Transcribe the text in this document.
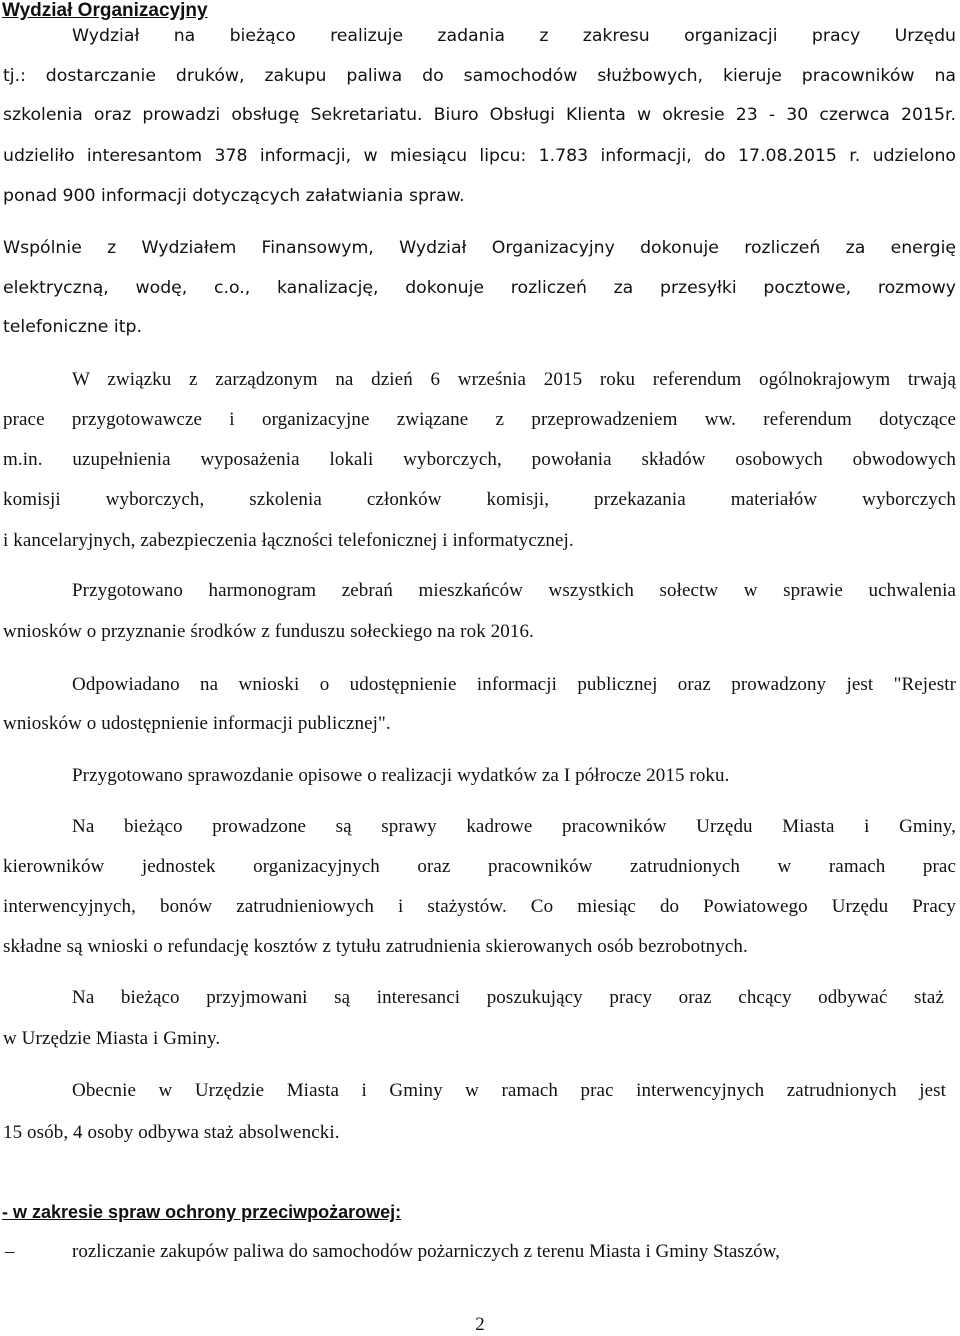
Wydział Organizacyjny

Wydział na bieżąco realizuje zadania z zakresu organizacji pracy Urzędu

tj.: dostarczanie druków, zakupu paliwa do samochodów służbowych, kieruje pracowników na

szkolenia oraz prowadzi obsługę Sekretariatu. Biuro Obsługi Klienta w okresie 23 - 30 czerwca 2015r.

udzieliło interesantom 378 informacji, w miesiącu lipcu: 1.783 informacji, do 17.08.2015 r. udzielono

ponad 900 informacji dotyczących załatwiania spraw.

Wspólnie z Wydziałem Finansowym, Wydział Organizacyjny dokonuje rozliczeń za energię

elektryczną, wodę, c.o., kanalizację, dokonuje rozliczeń za przesyłki pocztowe, rozmowy

telefoniczne itp.

W związku z zarządzonym na dzień 6 września 2015 roku referendum ogólnokrajowym trwają

prace przygotowawcze i organizacyjne związane z przeprowadzeniem ww. referendum dotyczące

m.in. uzupełnienia wyposażenia lokali wyborczych, powołania składów osobowych obwodowych

komisji wyborczych, szkolenia członków komisji, przekazania materiałów wyborczych

i kancelaryjnych, zabezpieczenia łączności telefonicznej i informatycznej.

Przygotowano harmonogram zebrań mieszkańców wszystkich sołectw w sprawie uchwalenia

wniosków o przyznanie środków z funduszu sołeckiego na rok 2016.

Odpowiadano na wnioski o udostępnienie informacji publicznej oraz prowadzony jest "Rejestr

wniosków o udostępnienie informacji publicznej".

Przygotowano sprawozdanie opisowe o realizacji wydatków za I półrocze 2015 roku.

Na bieżąco prowadzone są sprawy kadrowe pracowników Urzędu Miasta i Gminy,

kierowników jednostek organizacyjnych oraz pracowników zatrudnionych w ramach prac

interwencyjnych, bonów zatrudnieniowych i stażystów. Co miesiąc do Powiatowego Urzędu Pracy

składne są wnioski o refundację kosztów z tytułu zatrudnienia skierowanych osób bezrobotnych.

Na bieżąco przyjmowani są interesanci poszukujący pracy oraz chcący odbywać staż

w Urzędzie Miasta i Gminy.

Obecnie w Urzędzie Miasta i Gminy w ramach prac interwencyjnych zatrudnionych jest

15 osób, 4 osoby odbywa staż absolwencki.

- w zakresie spraw ochrony przeciwpożarowej:

–	rozliczanie zakupów paliwa do samochodów pożarniczych z terenu Miasta i Gminy Staszów,
2
